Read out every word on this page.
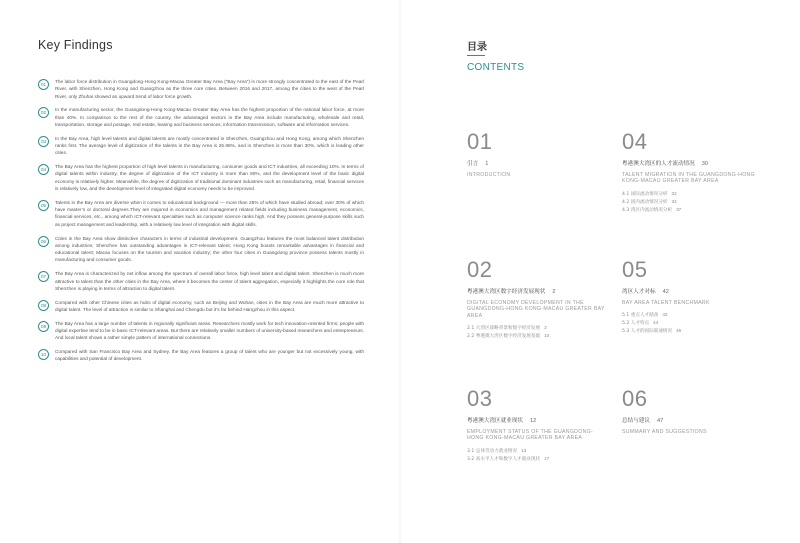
Key Findings
01	The labor force distribution in Guangdong-Hong Kong-Macau Greater Bay Area (“Bay Area”) is more strongly concentrated to the east of the Pearl River, with Shenzhen, Hong Kong and Guangzhou as the three core cities. Between 2016 and 2017, among the cities to the west of the Pearl River, only Zhuhai showed an upward trend of labor force growth.
02	In the manufacturing sector, the Guangdong-Hong Kong-Macau Greater Bay Area has the highest proportion of the national labor force, at more than 40%. In comparison to the rest of the country, the advantaged sectors in the Bay Area include manufacturing, wholesale and retail, transportation, storage and postage, real estate, leasing and business services, information transmission, software and information services.
03	In the Bay Area, high level talents and digital talents are mostly concentrated in Shenzhen, Guangzhou and Hong Kong, among which Shenzhen ranks first. The average level of digitization of the talents in the Bay Area is 26.98%, and in Shenzhen is more than 30%, which is leading other cities.
04	The Bay Area has the highest proportion of high level talents in manufacturing, consumer goods and ICT industries, all exceeding 10%. In terms of digital talents within industry, the degree of digitization of the ICT industry is more than 80%, and the development level of the basic digital economy is relatively higher. Meanwhile, the degree of digitization of traditional dominant industries such as manufacturing, retail, financial services is relatively low, and the development level of integrated digital economy needs to be improved.
05	Talents in the Bay Area are diverse when it comes to educational background — more than 25% of which have studied abroad; over 30% of which have master’s or doctoral degrees.They are majored in economics and management related fields including business management, economics, financial services, etc., among which ICT-relevant specialties such as computer science ranks high. And they possess general-purpose skills such as project management and leadership, with a relatively low level of integration with digital skills.
06	Cities in the Bay Area show distinctive characters in terms of industrial development. Guangzhou features the most balanced talent distribution among industries; Shenzhen has outstanding advantages in ICT-relevant talent; Hong Kong boasts remarkable advantages in financial and educational talent; Macau focuses on the tourism and vacation industry; the other four cities in Guangdong province possess talents mostly in manufacturing and consumer goods.
07	The Bay Area is characterized by net inflow among the spectrum of overall labor force, high level talent and digital talent. Shenzhen is much more attractive to talent than the other cities in the Bay Area, where it becomes the center of talent aggregation, especially it highlights the core role that Shenzhen is playing in terms of attraction to digital talent.
08	Compared with other Chinese cities as hubs of digital economy, such as Beijing and Wuhan, cities in the Bay Area are much more attractive to digital talent. The level of attraction is similar to Shanghai and Chengdu but it’s far behind Hangzhou in this aspect.
09	The Bay Area has a large number of talents in regionally significant areas. Researchers mostly work for tech innovation-oriented firms; people with digital expertise tend to be in basic ICT-relevant areas. But there are relatively smaller numbers of university-based researchers and entrepreneurs. And local talent shows a rather simple pattern of international connections.
10	Compared with San Francisco Bay Area and Sydney, the Bay Area features a group of talent who are younger but not excessively young, with capabilities and potential of development.
目录
CONTENTS
01
引言 1
INTRODUCTION
04
粤港澳大湾区的人才流动情况 30
TALENT MIGRATION IN THE GUANGDONG-HONG KONG-MACAU GREATER BAY AREA
4.1 国际流动情况分析 32
4.2 国内流动情况分析 34
4.3 湾区内流动情况分析 37
02
粤港澳大湾区数字经济发展现状 2
DIGITAL ECONOMY DEVELOPMENT IN THE GUANGDONG-HONG KONG-MACAU GREATER BAY AREA
2.1 大湾区战略背景和数字经济发展 3
2.2 粤港澳大湾区数字经济发展基础 10
05
湾区人才对标 42
BAY AREA TALENT BENCHMARK
5.1 重点人才储备 43
5.2 人才特点 44
5.3 人才的国际联通情况 46
03
粤港澳大湾区就业现状 12
EMPLOYMENT STATUS OF THE GUANGDONG-HONG KONG-MACAU GREATER BAY AREA
3.1 总体劳动力就业情况 13
3.2 高水平人才和数字人才就业现状 17
06
总结与建议 47
SUMMARY AND SUGGESTIONS
